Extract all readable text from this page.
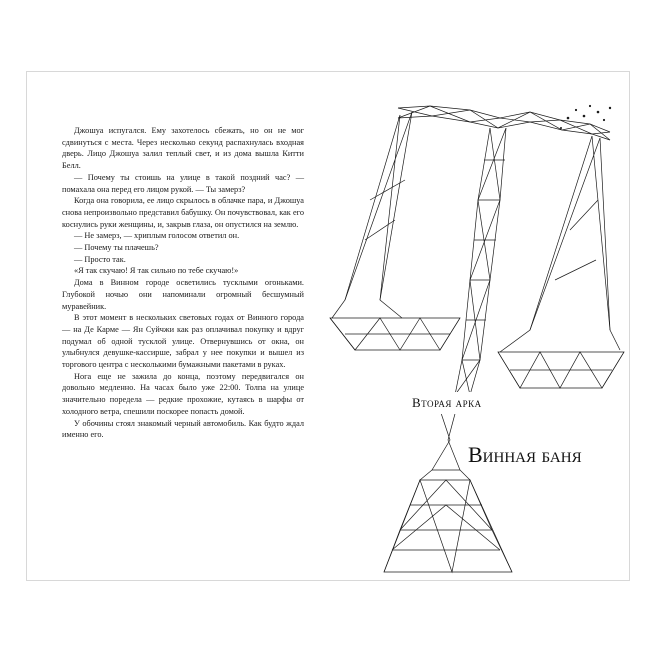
Джошуа испугался. Ему захотелось сбежать, но он не мог сдвинуться с места. Через несколько секунд распахнулась входная дверь. Лицо Джошуа залил теплый свет, и из дома вышла Китти Белл.

— Почему ты стоишь на улице в такой поздний час? — помахала она перед его лицом рукой. — Ты замерз?

Когда она говорила, ее лицо скрылось в облачке пара, и Джошуа снова непроизвольно представил бабушку. Он почувствовал, как его коснулись руки женщины, и, закрыв глаза, он опустился на землю.

— Не замерз, — хриплым голосом ответил он.

— Почему ты плачешь?

— Просто так.

«Я так скучаю! Я так сильно по тебе скучаю!»

Дома в Винном городе осветились тусклыми огоньками. Глубокой ночью они напоминали огромный бесшумный муравейник.

В этот момент в нескольких световых годах от Винного города — на Де Карме — Ян Суйчжи как раз оплачивал покупку и вдруг подумал об одной тусклой улице. Отвернувшись от окна, он улыбнулся девушке-кассирше, забрал у нее покупки и вышел из торгового центра с несколькими бумажными пакетами в руках.

Нога еще не зажила до конца, поэтому передвигался он довольно медленно. На часах было уже 22:00. Толпа на улице значительно поредела — редкие прохожие, кутаясь в шарфы от холодного ветра, спешили поскорее попасть домой.

У обочины стоял знакомый черный автомобиль. Как будто ждал именно его.

Вторая арка
Винная баня
